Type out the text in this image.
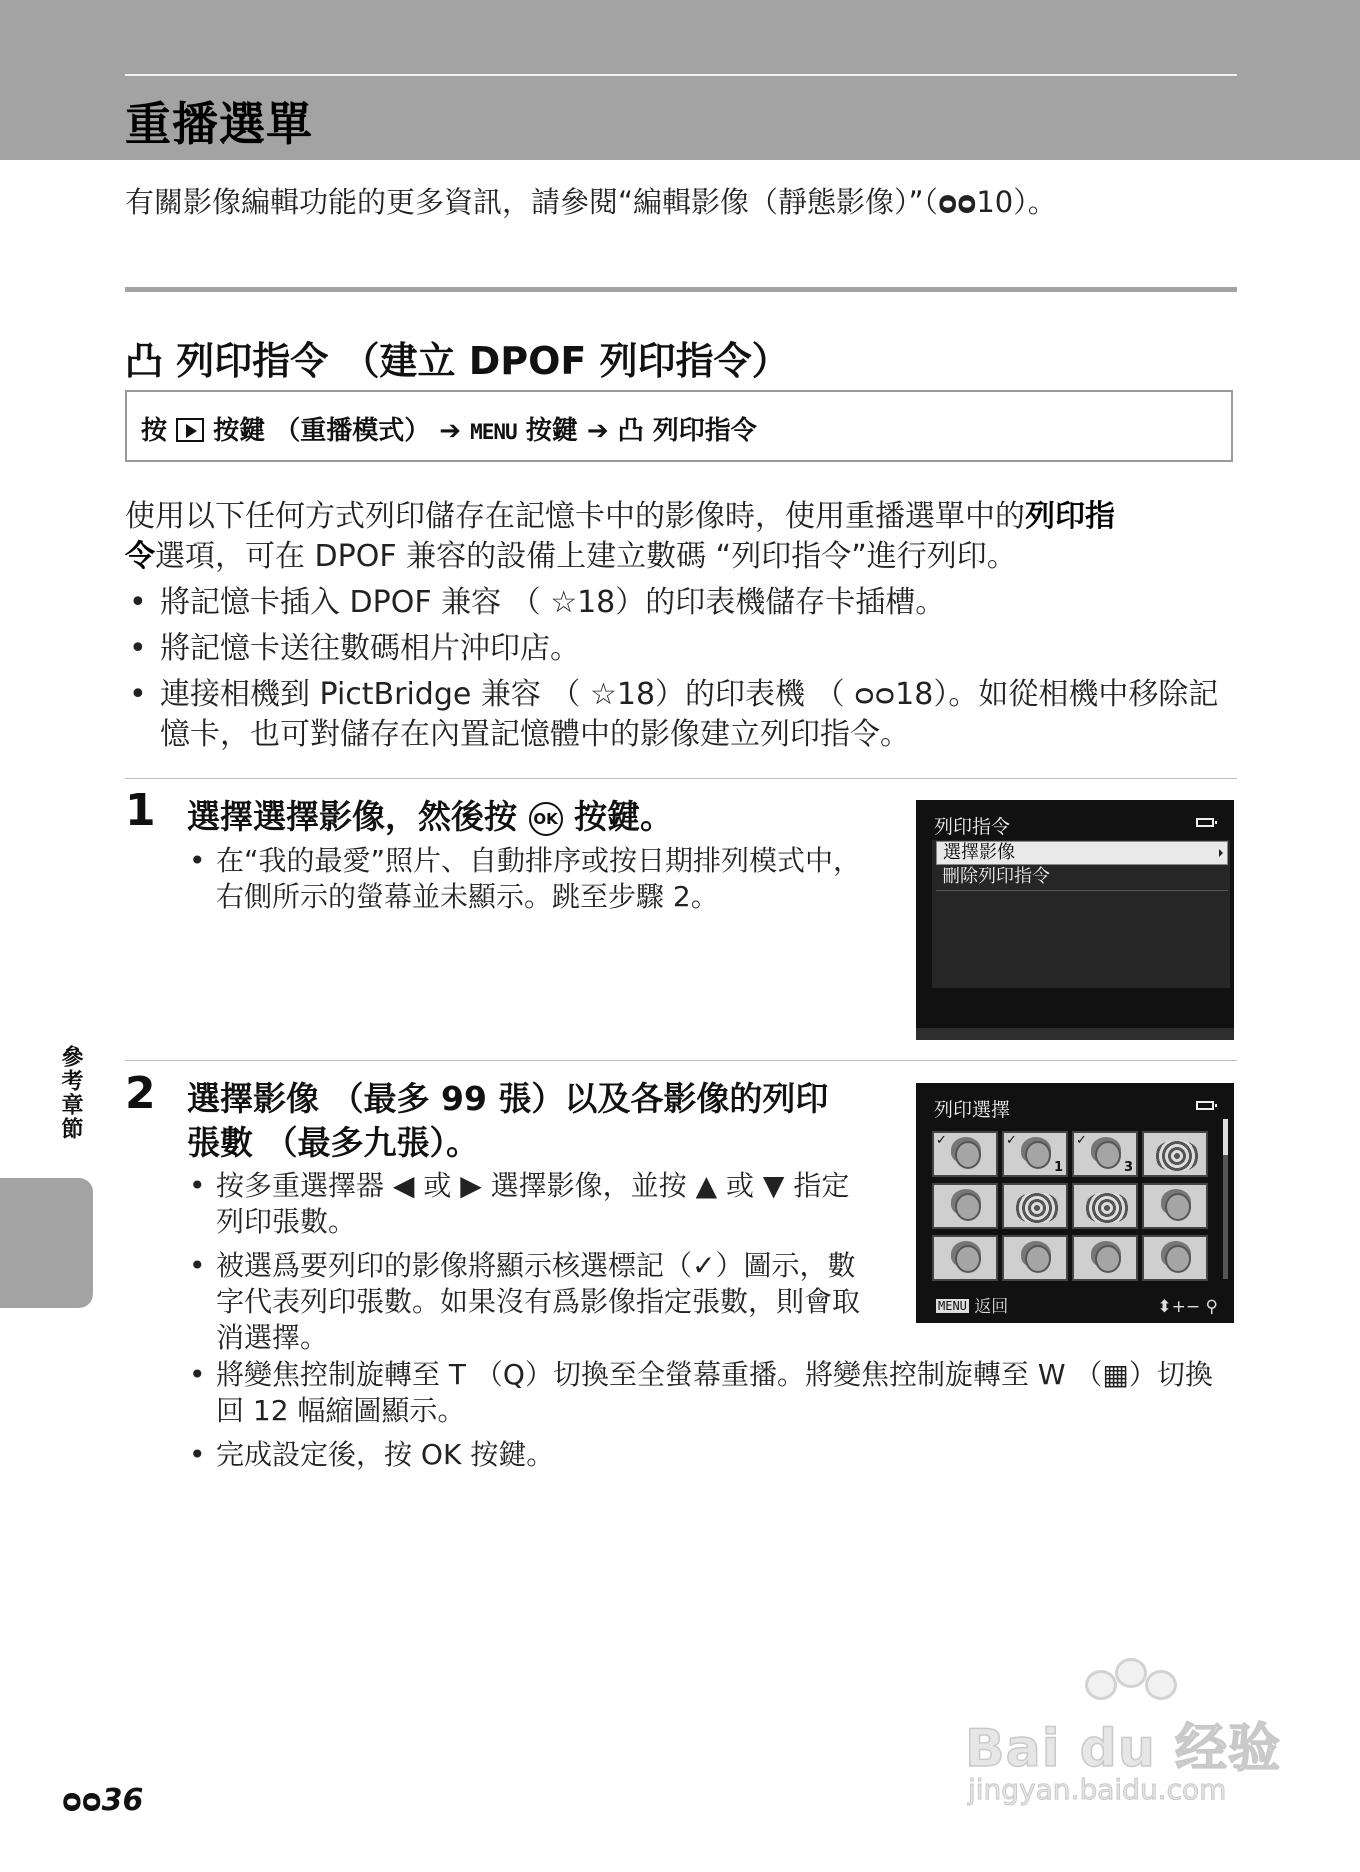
重播選單
有關影像編輯功能的更多資訊，請參閱“編輯影像（靜態影像）”（ᴑᴑ10）。
凸 列印指令 （建立 DPOF 列印指令）
按 按鍵 （重播模式） ➔ MENU 按鍵 ➔ 凸 列印指令
使用以下任何方式列印儲存在記憶卡中的影像時，使用重播選單中的列印指
令選項，可在 DPOF 兼容的設備上建立數碼 “列印指令”進行列印。
• 將記憶卡插入 DPOF 兼容 （ ☆18）的印表機儲存卡插槽。
• 將記憶卡送往數碼相片沖印店。
• 連接相機到 PictBridge 兼容 （ ☆18）的印表機 （ ᴑᴑ18）。如從相機中移除記憶卡，也可對儲存在內置記憶體中的影像建立列印指令。
1 選擇選擇影像，然後按 OK 按鍵。
• 在“我的最愛”照片、自動排序或按日期排列模式中，右側所示的螢幕並未顯示。跳至步驟 2。
列印指令
選擇影像
刪除列印指令
2 選擇影像 （最多 99 張）以及各影像的列印
張數 （最多九張）。
• 按多重選擇器 ◀ 或 ▶ 選擇影像，並按 ▲ 或 ▼ 指定列印張數。
• 被選爲要列印的影像將顯示核選標記（✓）圖示，數字代表列印張數。如果沒有爲影像指定張數，則會取消選擇。
• 將變焦控制旋轉至 T （Q）切換至全螢幕重播。將變焦控制旋轉至 W （▦）切換回 12 幅縮圖顯示。
• 完成設定後，按 OK 按鍵。
列印選擇
✓	✓
1
✓
3
MENU 返回	⬍+− ⚲
參考章節
ᴑᴑ36
Bai du 经验
jingyan.baidu.com
